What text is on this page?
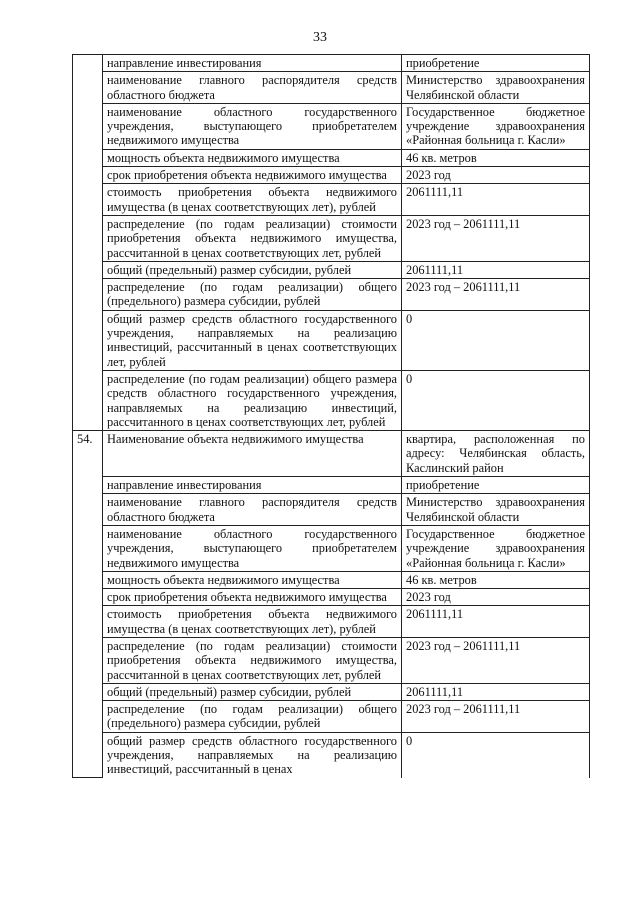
33
	направление инвестирования	приобретение
	наименование главного распорядителя средств областного бюджета	Министерство здравоохранения Челябинской области
	наименование областного государственного учреждения, выступающего приобретателем недвижимого имущества	Государственное бюджетное учреждение здравоохранения «Районная больница г. Касли»
	мощность объекта недвижимого имущества	46 кв. метров
	срок приобретения объекта недвижимого имущества	2023 год
	стоимость приобретения объекта недвижимого имущества (в ценах соответствующих лет), рублей	2061111,11
	распределение (по годам реализации) стоимости приобретения объекта недвижимого имущества, рассчитанной в ценах соответствующих лет, рублей	2023 год – 2061111,11
	общий (предельный) размер субсидии, рублей	2061111,11
	распределение (по годам реализации) общего (предельного) размера субсидии, рублей	2023 год – 2061111,11
	общий размер средств областного государственного учреждения, направляемых на реализацию инвестиций, рассчитанный в ценах соответствующих лет, рублей	0
	распределение (по годам реализации) общего размера средств областного государственного учреждения, направляемых на реализацию инвестиций, рассчитанного в ценах соответствующих лет, рублей	0
54.	Наименование объекта недвижимого имущества	квартира, расположенная по адресу: Челябинская область, Каслинский район
	направление инвестирования	приобретение
	наименование главного распорядителя средств областного бюджета	Министерство здравоохранения Челябинской области
	наименование областного государственного учреждения, выступающего приобретателем недвижимого имущества	Государственное бюджетное учреждение здравоохранения «Районная больница г. Касли»
	мощность объекта недвижимого имущества	46 кв. метров
	срок приобретения объекта недвижимого имущества	2023 год
	стоимость приобретения объекта недвижимого имущества (в ценах соответствующих лет), рублей	2061111,11
	распределение (по годам реализации) стоимости приобретения объекта недвижимого имущества, рассчитанной в ценах соответствующих лет, рублей	2023 год – 2061111,11
	общий (предельный) размер субсидии, рублей	2061111,11
	распределение (по годам реализации) общего (предельного) размера субсидии, рублей	2023 год – 2061111,11
	общий размер средств областного государственного учреждения, направляемых на реализацию инвестиций, рассчитанный в ценах	0
